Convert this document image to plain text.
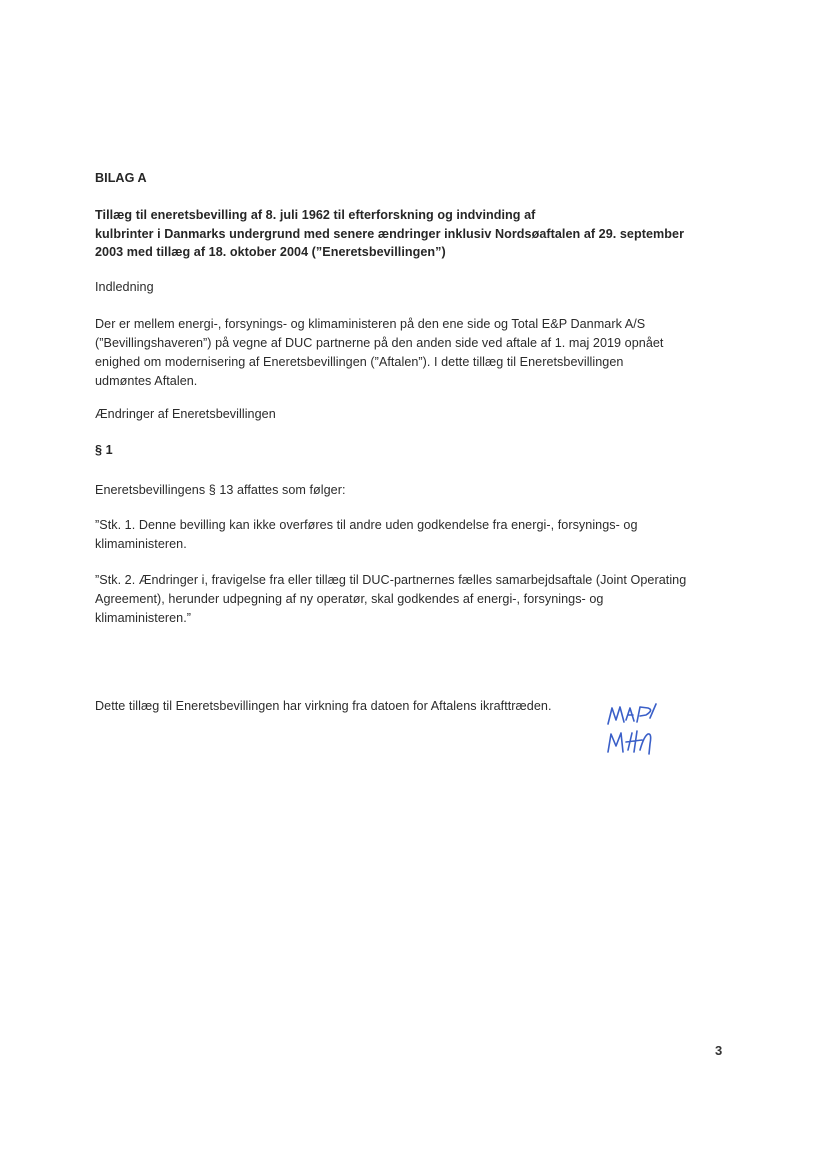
BILAG A

Tillæg til eneretsbevilling af 8. juli 1962 til efterforskning og indvinding af

kulbrinter i Danmarks undergrund med senere ændringer inklusiv Nordsøaftalen af 29. september

2003 med tillæg af 18. oktober 2004 (”Eneretsbevillingen”)

Indledning

Der er mellem energi-, forsynings- og klimaministeren på den ene side og Total E&P Danmark A/S

(”Bevillingshaveren”) på vegne af DUC partnerne på den anden side ved aftale af 1. maj 2019 opnået

enighed om modernisering af Eneretsbevillingen (”Aftalen”). I dette tillæg til Eneretsbevillingen

udmøntes Aftalen.

Ændringer af Eneretsbevillingen
§ 1
Eneretsbevillingens § 13 affattes som følger:

”Stk. 1. Denne bevilling kan ikke overføres til andre uden godkendelse fra energi-, forsynings- og

klimaministeren.

”Stk. 2. Ændringer i, fravigelse fra eller tillæg til DUC-partnernes fælles samarbejdsaftale (Joint Operating

Agreement), herunder udpegning af ny operatør, skal godkendes af energi-, forsynings- og

klimaministeren.”

Dette tillæg til Eneretsbevillingen har virkning fra datoen for Aftalens ikrafttræden.
3
